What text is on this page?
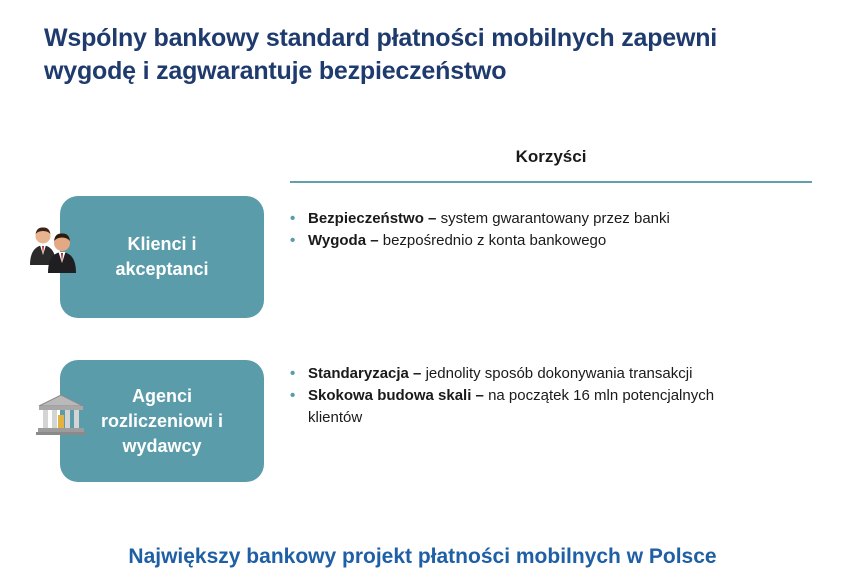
Wspólny bankowy standard płatności mobilnych zapewni
wygodę i zagwarantuje bezpieczeństwo
Korzyści
Klienci i
akceptanci
• Bezpieczeństwo – system gwarantowany przez banki
• Wygoda – bezpośrednio z konta bankowego
Agenci
rozliczeniowi i
wydawcy
• Standaryzacja – jednolity sposób dokonywania transakcji
• Skokowa budowa skali – na początek 16 mln potencjalnych klientów
Największy bankowy projekt płatności mobilnych w Polsce
